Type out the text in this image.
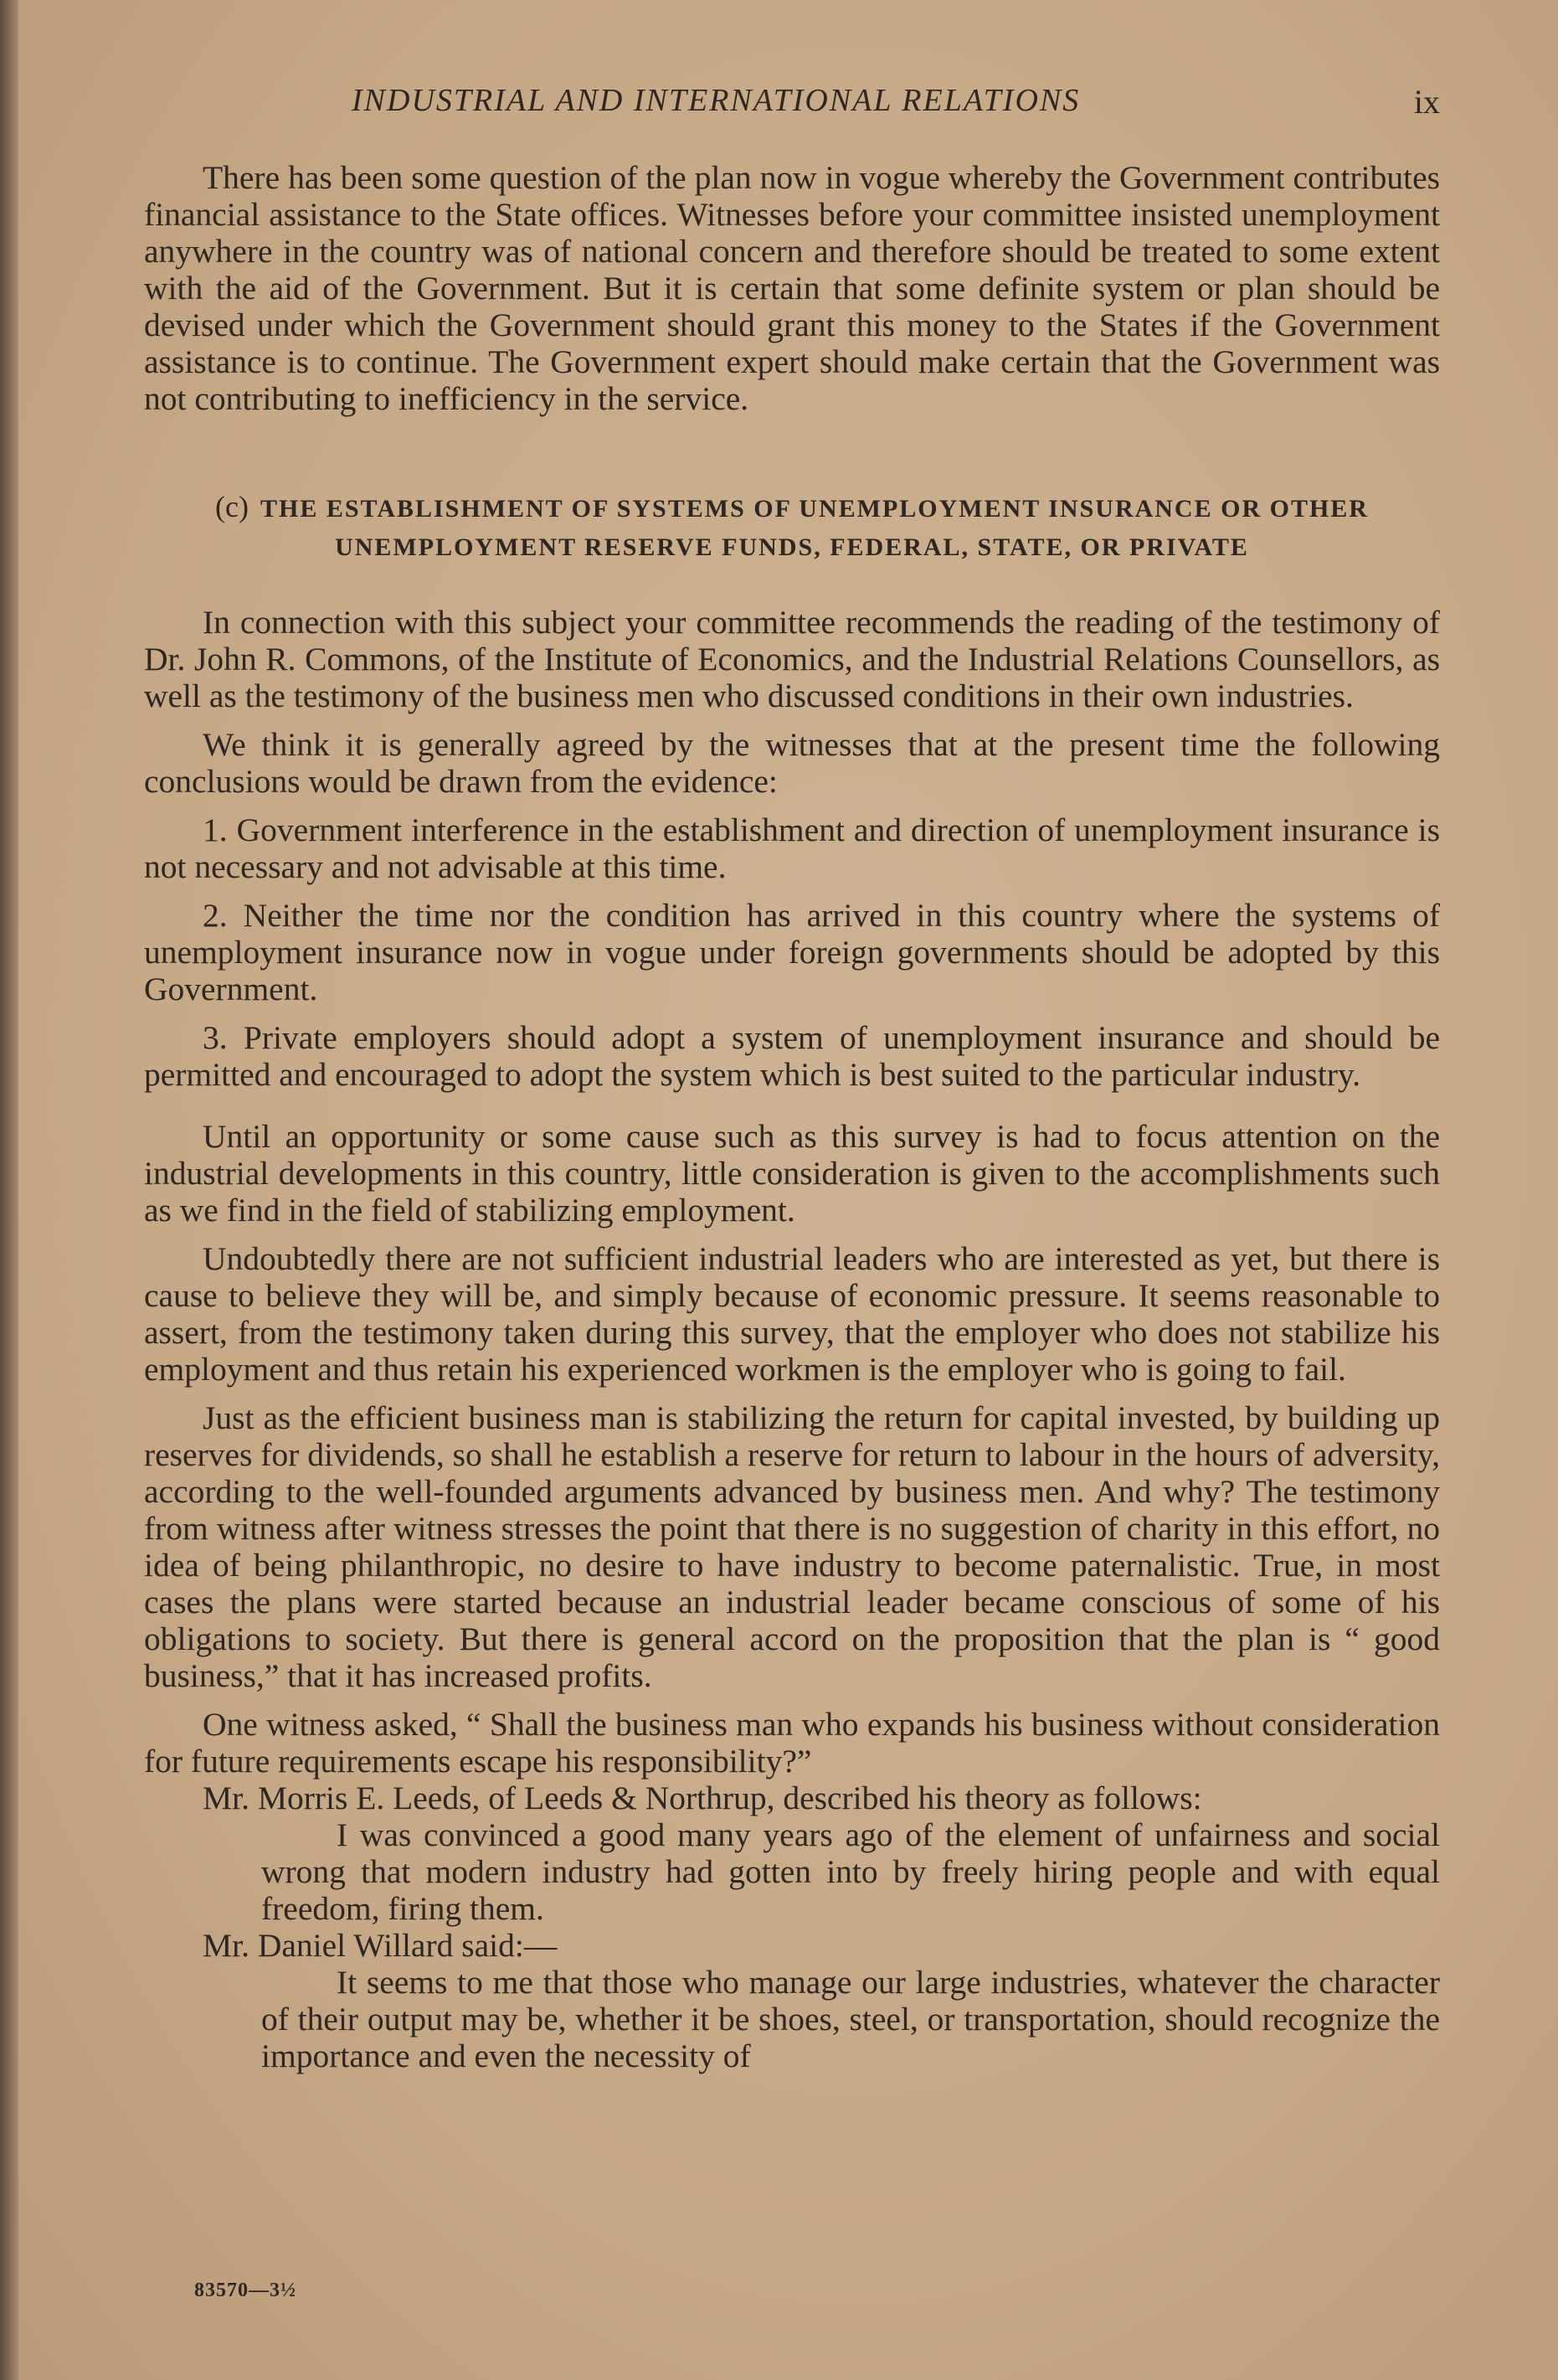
INDUSTRIAL AND INTERNATIONAL RELATIONS	ix

There has been some question of the plan now in vogue whereby the Government contributes financial assistance to the State offices. Witnesses before your committee insisted unemployment anywhere in the country was of national concern and therefore should be treated to some extent with the aid of the Government. But it is certain that some definite system or plan should be devised under which the Government should grant this money to the States if the Government assistance is to continue. The Government expert should make certain that the Government was not contributing to inefficiency in the service.

(c) THE ESTABLISHMENT OF SYSTEMS OF UNEMPLOYMENT INSURANCE OR OTHER UNEMPLOYMENT RESERVE FUNDS, FEDERAL, STATE, OR PRIVATE

In connection with this subject your committee recommends the reading of the testimony of Dr. John R. Commons, of the Institute of Economics, and the Industrial Relations Counsellors, as well as the testimony of the business men who discussed conditions in their own industries.

We think it is generally agreed by the witnesses that at the present time the following conclusions would be drawn from the evidence:

1. Government interference in the establishment and direction of unemployment insurance is not necessary and not advisable at this time.

2. Neither the time nor the condition has arrived in this country where the systems of unemployment insurance now in vogue under foreign governments should be adopted by this Government.

3. Private employers should adopt a system of unemployment insurance and should be permitted and encouraged to adopt the system which is best suited to the particular industry.

Until an opportunity or some cause such as this survey is had to focus attention on the industrial developments in this country, little consideration is given to the accomplishments such as we find in the field of stabilizing employment.

Undoubtedly there are not sufficient industrial leaders who are interested as yet, but there is cause to believe they will be, and simply because of economic pressure. It seems reasonable to assert, from the testimony taken during this survey, that the employer who does not stabilize his employment and thus retain his experienced workmen is the employer who is going to fail.

Just as the efficient business man is stabilizing the return for capital invested, by building up reserves for dividends, so shall he establish a reserve for return to labour in the hours of adversity, according to the well-founded arguments advanced by business men. And why? The testimony from witness after witness stresses the point that there is no suggestion of charity in this effort, no idea of being philanthropic, no desire to have industry to become paternalistic. True, in most cases the plans were started because an industrial leader became conscious of some of his obligations to society. But there is general accord on the proposition that the plan is “ good business,” that it has increased profits.

One witness asked, “ Shall the business man who expands his business without consideration for future requirements escape his responsibility?”

Mr. Morris E. Leeds, of Leeds & Northrup, described his theory as follows:

I was convinced a good many years ago of the element of unfairness and social wrong that modern industry had gotten into by freely hiring people and with equal freedom, firing them.

Mr. Daniel Willard said:—

It seems to me that those who manage our large industries, whatever the character of their output may be, whether it be shoes, steel, or transportation, should recognize the importance and even the necessity of

83570—3½
